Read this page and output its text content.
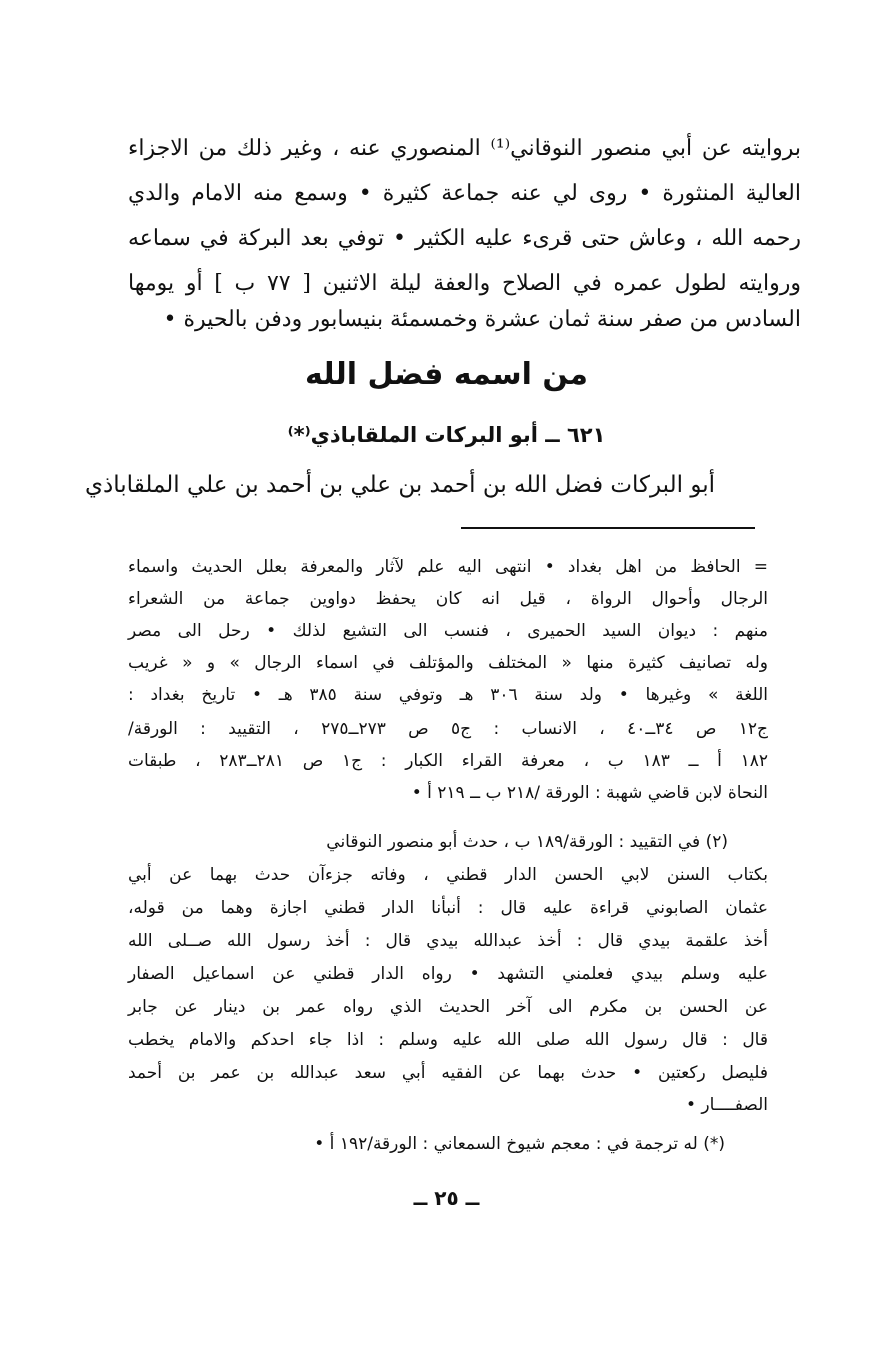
بروايته عن أبي منصور النوقاني⁽¹⁾ المنصوري عنه ، وغير ذلك من الاجزاء
العالية المنثورة • روى لي عنه جماعة كثيرة • وسمع منه الامام والدي
رحمه الله ، وعاش حتى قرىء عليه الكثير • توفي بعد البركة في سماعه
وروايته لطول عمره في الصلاح والعفة ليلة الاثنين [ ٧٧ ب ] أو يومها
السادس من صفر سنة ثمان عشرة وخمسمئة بنيسابور ودفن بالحيرة •
من اسمه فضل الله
٦٢١ ــ أبو البركات الملقاباذي⁽*⁾
أبو البركات فضل الله بن أحمد بن علي بن أحمد بن علي الملقاباذي
= الحافظ من اهل بغداد • انتهى اليه علم لآثار والمعرفة بعلل الحديث واسماء
الرجال وأحوال الرواة ، قيل انه كان يحفظ دواوين جماعة من الشعراء
منهم : ديوان السيد الحميرى ، فنسب الى التشيع لذلك • رحل الى مصر
وله تصانيف كثيرة منها « المختلف والمؤتلف في اسماء الرجال » و « غريب
اللغة » وغيرها • ولد سنة ٣٠٦ هـ وتوفي سنة ٣٨٥ هـ • تاريخ بغداد :
ج١٢ ص ٣٤ــ٤٠ ، الانساب : ج٥ ص ٢٧٣ــ٢٧٥ ، التقييد : الورقة/
١٨٢ أ ــ ١٨٣ ب ، معرفة القراء الكبار : ج١ ص ٢٨١ــ٢٨٣ ، طبقات
النحاة لابن قاضي شهبة : الورقة /٢١٨ ب ــ ٢١٩ أ •
(٢) في التقييد : الورقة/١٨٩ ب ، حدث أبو منصور النوقاني
بكتاب السنن لابي الحسن الدار قطني ، وفاته جزءآن حدث بهما عن أبي
عثمان الصابوني قراءة عليه قال : أنبأنا الدار قطني اجازة وهما من قوله،
أخذ علقمة بيدي قال : أخذ عبدالله بيدي قال : أخذ رسول الله صــلى الله
عليه وسلم بيدي فعلمني التشهد • رواه الدار قطني عن اسماعيل الصفار
عن الحسن بن مكرم الى آخر الحديث الذي رواه عمر بن دينار عن جابر
قال : قال رسول الله صلى الله عليه وسلم : اذا جاء احدكم والامام يخطب
فليصل ركعتين • حدث بهما عن الفقيه أبي سعد عبدالله بن عمر بن أحمد
الصفــــار •
(*) له ترجمة في : معجم شيوخ السمعاني : الورقة/١٩٢ أ •
ــ ٢٥ ــ
